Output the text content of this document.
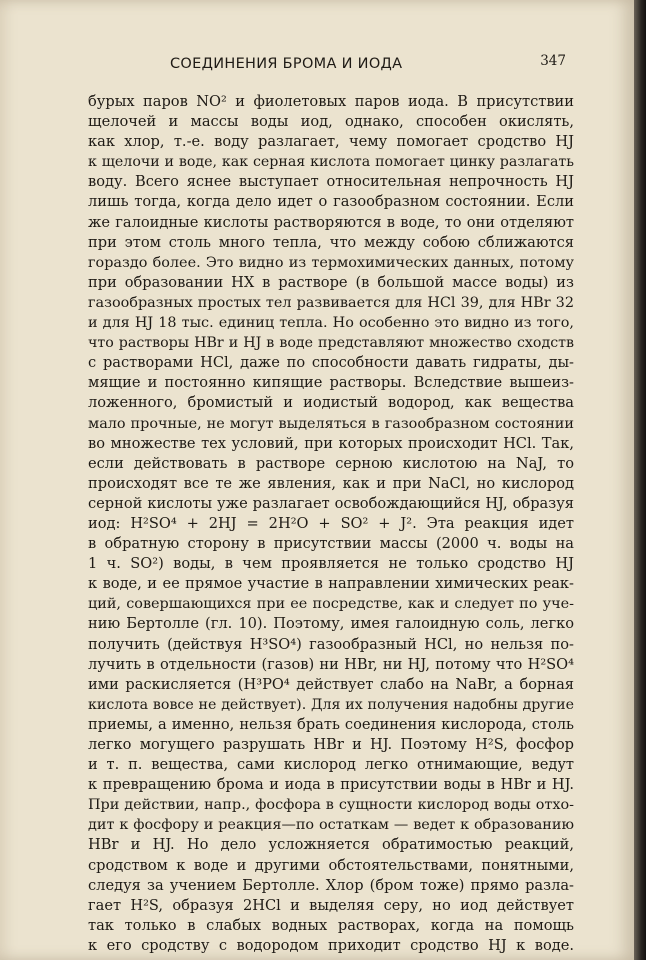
СОЕДИНЕНИЯ БРОМА И ИОДА	347
бурых паров NO² и фиолетовых паров иода. В присутствии
щелочей и массы воды иод, однако, способен окислять,
как хлор, т.-е. воду разлагает, чему помогает сродство HJ
к щелочи и воде, как серная кислота помогает цинку разлагать
воду. Всего яснее выступает относительная непрочность HJ
лишь тогда, когда дело идет о газообразном состоянии. Если
же галоидные кислоты растворяются в воде, то они отделяют
при этом столь много тепла, что между собою сближаются
гораздо более. Это видно из термохимических данных, потому
при образовании HX в растворе (в большой массе воды) из
газообразных простых тел развивается для HCl 39, для HBr 32
и для HJ 18 тыс. единиц тепла. Но особенно это видно из того,
что растворы HBr и HJ в воде представляют множество сходств
с растворами HCl, даже по способности давать гидраты, ды-
мящие и постоянно кипящие растворы. Вследствие вышеиз-
ложенного, бромистый и иодистый водород, как вещества
мало прочные, не могут выделяться в газообразном состоянии
во множестве тех условий, при которых происходит HCl. Так,
если действовать в растворе серною кислотою на NaJ, то
происходят все те же явления, как и при NaCl, но кислород
серной кислоты уже разлагает освобождающийся HJ, образуя
иод: H²SO⁴ + 2HJ = 2H²O + SO² + J². Эта реакция идет
в обратную сторону в присутствии массы (2000 ч. воды на
1 ч. SO²) воды, в чем проявляется не только сродство HJ
к воде, и ее прямое участие в направлении химических реак-
ций, совершающихся при ее посредстве, как и следует по уче-
нию Бертолле (гл. 10). Поэтому, имея галоидную соль, легко
получить (действуя H³SO⁴) газообразный HCl, но нельзя по-
лучить в отдельности (газов) ни HBr, ни HJ, потому что H²SO⁴
ими раскисляется (H³PO⁴ действует слабо на NaBr, а борная
кислота вовсе не действует). Для их получения надобны другие
приемы, а именно, нельзя брать соединения кислорода, столь
легко могущего разрушать HBr и HJ. Поэтому H²S, фосфор
и т. п. вещества, сами кислород легко отнимающие, ведут
к превращению брома и иода в присутствии воды в HBr и HJ.
При действии, напр., фосфора в сущности кислород воды отхо-
дит к фосфору и реакция—по остаткам — ведет к образованию
HBr и HJ. Но дело усложняется обратимостью реакций,
сродством к воде и другими обстоятельствами, понятными,
следуя за учением Бертолле. Хлор (бром тоже) прямо разла-
гает H²S, образуя 2HCl и выделяя серу, но иод действует
так только в слабых водных растворах, когда на помощь
к его сродству с водородом приходит сродство HJ к воде.
